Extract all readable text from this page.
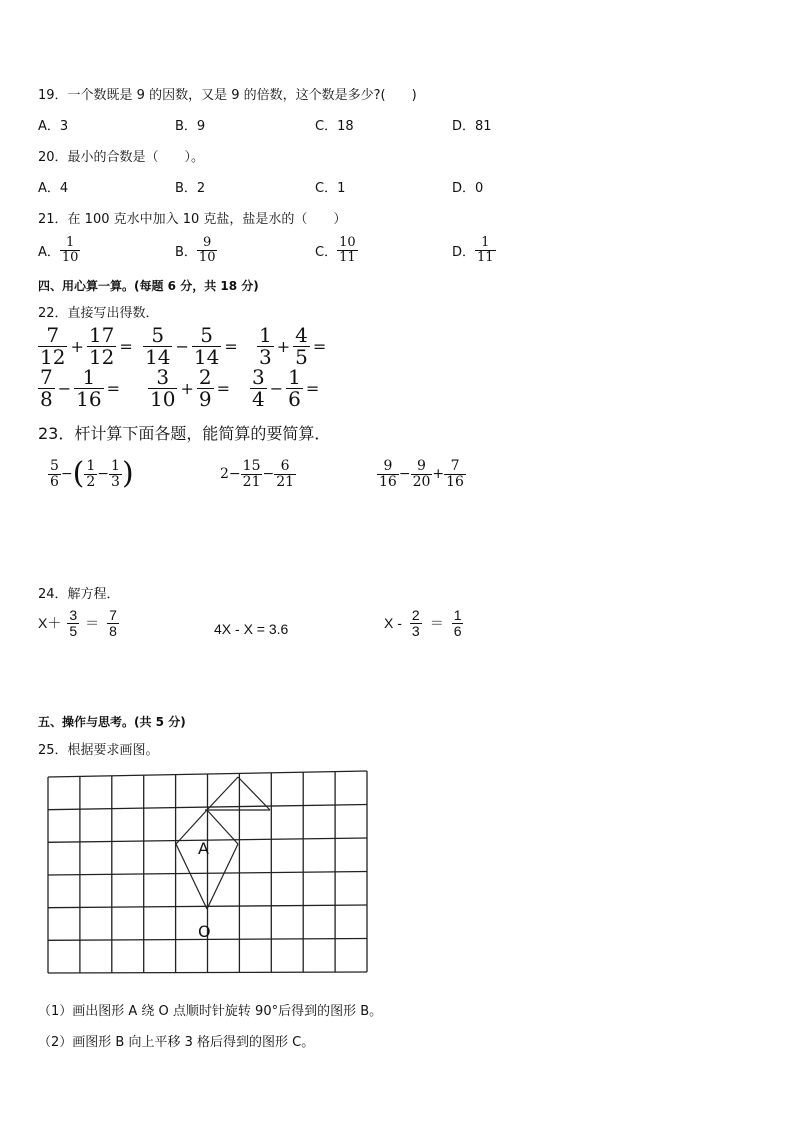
19．一个数既是 9 的因数，又是 9 的倍数，这个数是多少?(　　)
A．3	B．9	C．18	D．81
20．最小的合数是（　　）。
A．4	B．2	C．1	D．0
21．在 100 克水中加入 10 克盐，盐是水的（　　）
A． $\frac{1}{10}$	B． $\frac{9}{10}$	C． $\frac{10}{11}$	D． $\frac{1}{11}$
四、用心算一算。(每题 6 分，共 18 分)
22．直接写出得数．
$\frac{7}{12} + \frac{17}{12} = \frac{5}{14} - \frac{5}{14} = \frac{1}{3} + \frac{4}{5}$ =
$\frac{7}{8} - \frac{1}{16} = \frac{3}{10} + \frac{2}{9} = \frac{3}{4} - \frac{1}{6}$ =
23．杆计算下面各题，能简算的要简算．
$\frac{5}{6}$ − ( $\frac{1}{2} - \frac{1}{3}$ )	$2 - \frac{15}{21} - \frac{6}{21}$	$\frac{9}{16} - \frac{9}{20} + \frac{7}{16}$
24．解方程．
$X+ \frac{3}{5} = \frac{7}{8}$	4X - X = 3.6	$X - \frac{2}{3} = \frac{1}{6}$
五、操作与思考。(共 5 分)
25．根据要求画图。
A
O
（1）画出图形 A 绕 O 点顺时针旋转 90°后得到的图形 B。
（2）画图形 B 向上平移 3 格后得到的图形 C。
